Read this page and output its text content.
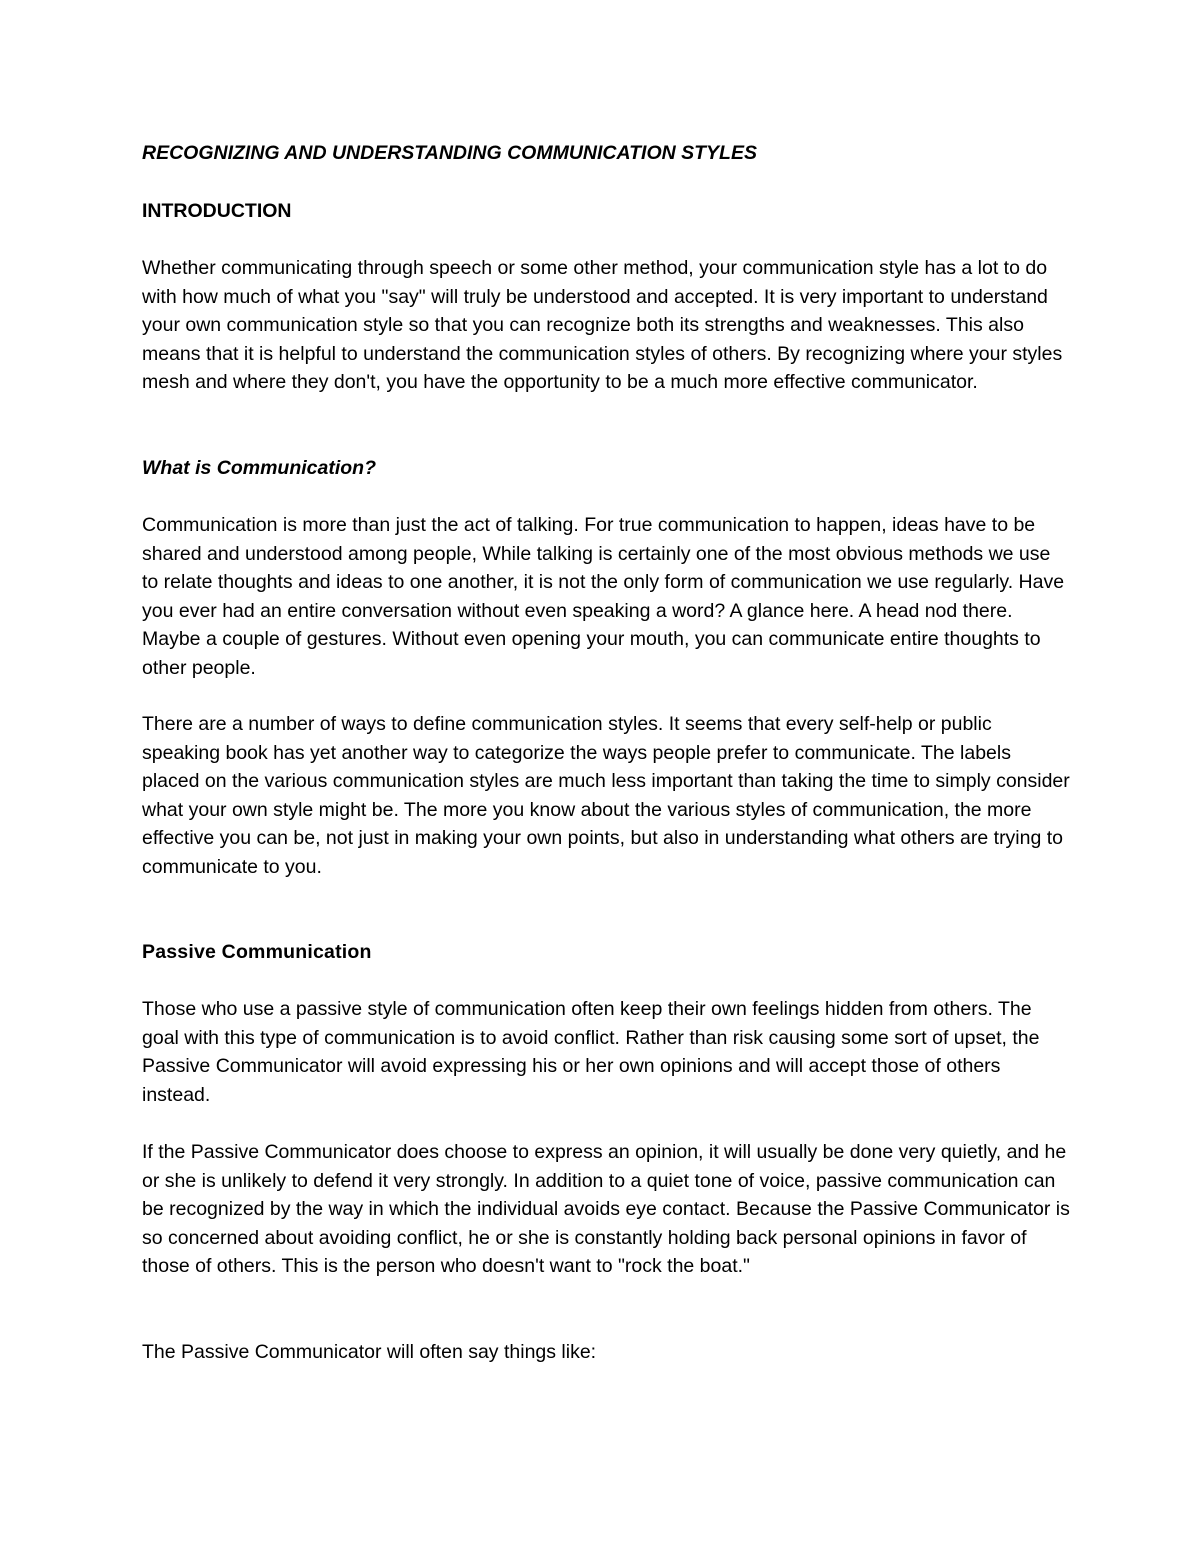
RECOGNIZING AND UNDERSTANDING COMMUNICATION STYLES

INTRODUCTION

Whether communicating through speech or some other method, your communication style has a lot to do with how much of what you "say" will truly be understood and accepted. It is very important to understand your own communication style so that you can recognize both its strengths and weaknesses. This also means that it is helpful to understand the communication styles of others. By recognizing where your styles mesh and where they don't, you have the opportunity to be a much more effective communicator.

What is Communication?

Communication is more than just the act of talking. For true communication to happen, ideas have to be shared and understood among people, While talking is certainly one of the most obvious methods we use to relate thoughts and ideas to one another, it is not the only form of communication we use regularly. Have you ever had an entire conversation without even speaking a word? A glance here. A head nod there. Maybe a couple of gestures. Without even opening your mouth, you can communicate entire thoughts to other people.

There are a number of ways to define communication styles. It seems that every self-help or public speaking book has yet another way to categorize the ways people prefer to communicate. The labels placed on the various communication styles are much less important than taking the time to simply consider what your own style might be. The more you know about the various styles of communication, the more effective you can be, not just in making your own points, but also in understanding what others are trying to communicate to you.

Passive Communication

Those who use a passive style of communication often keep their own feelings hidden from others. The goal with this type of communication is to avoid conflict. Rather than risk causing some sort of upset, the Passive Communicator will avoid expressing his or her own opinions and will accept those of others instead.

If the Passive Communicator does choose to express an opinion, it will usually be done very quietly, and he or she is unlikely to defend it very strongly. In addition to a quiet tone of voice, passive communication can be recognized by the way in which the individual avoids eye contact. Because the Passive Communicator is so concerned about avoiding conflict, he or she is constantly holding back personal opinions in favor of those of others. This is the person who doesn't want to "rock the boat."

The Passive Communicator will often say things like:
